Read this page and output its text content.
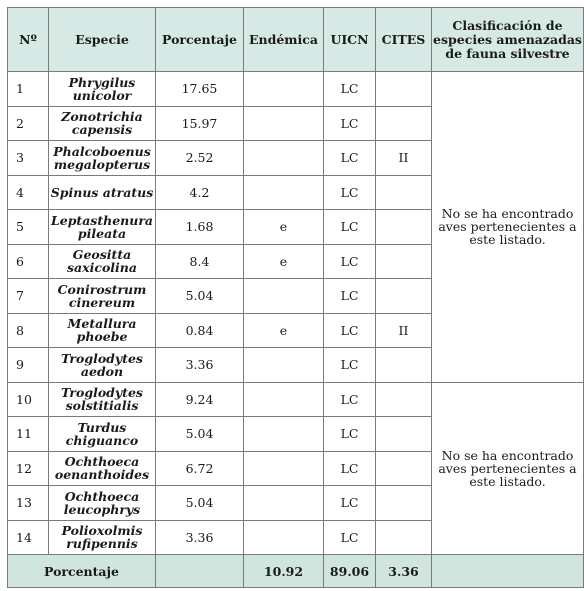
Nº	Especie	Porcentaje	Endémica	UICN	CITES	Clasificación de especies amenazadas de fauna silvestre
1	Phrygilus unicolor	17.65		LC		No se ha encontrado aves pertenecientes a este listado.
2	Zonotrichia capensis	15.97		LC		
3	Phalcoboenus megalopterus	2.52		LC	II	
4	Spinus atratus	4.2		LC		
5	Leptasthenura pileata	1.68	e	LC		
6	Geositta saxicolina	8.4	e	LC		
7	Conirostrum cinereum	5.04		LC		
8	Metallura phoebe	0.84	e	LC	II	
9	Troglodytes aedon	3.36		LC		
10	Troglodytes solstitialis	9.24		LC		No se ha encontrado aves pertenecientes a este listado.
11	Turdus chiguanco	5.04		LC		
12	Ochthoeca oenanthoides	6.72		LC		
13	Ochthoeca leucophrys	5.04		LC		
14	Polioxolmis rufipennis	3.36		LC		
Porcentaje			10.92	89.06	3.36	
